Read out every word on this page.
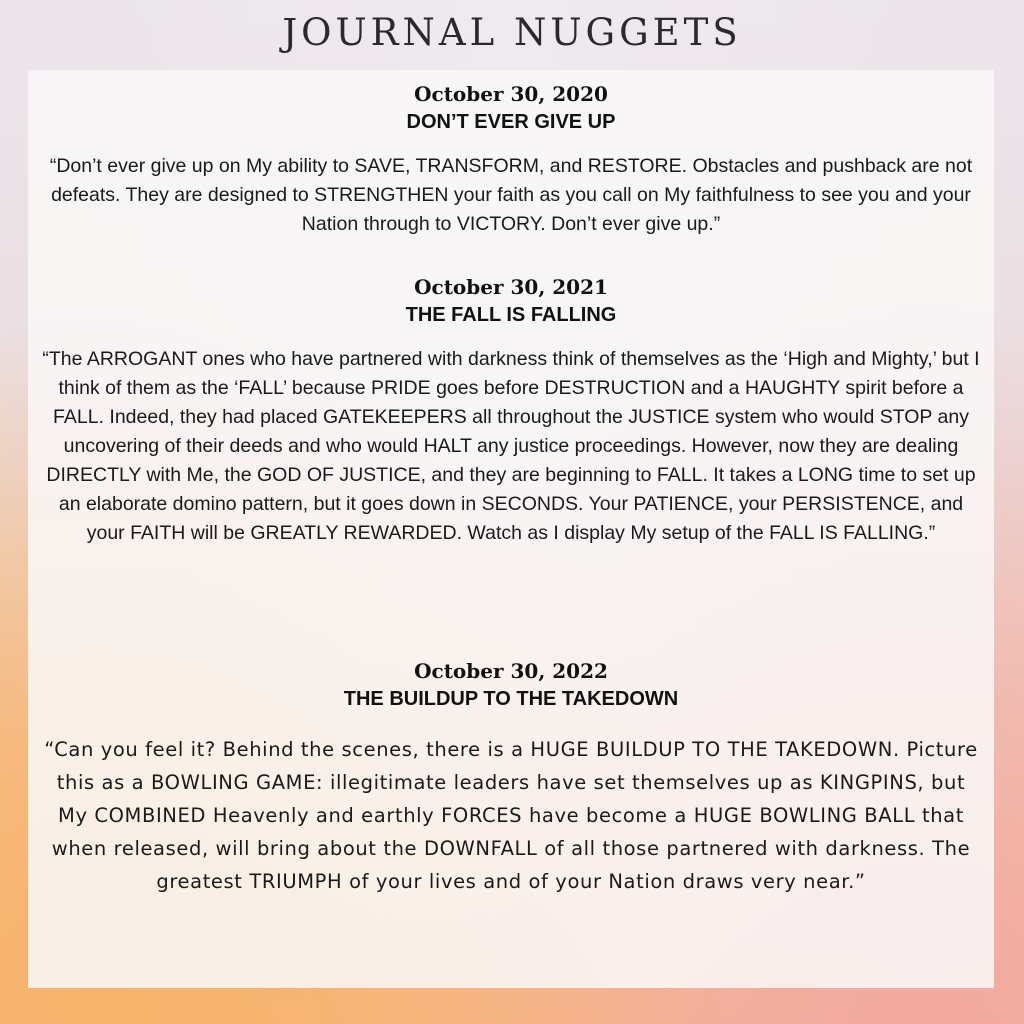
JOURNAL NUGGETS
October 30, 2020
DON’T EVER GIVE UP
“Don’t ever give up on My ability to SAVE, TRANSFORM, and RESTORE. Obstacles and pushback are not defeats. They are designed to STRENGTHEN your faith as you call on My faithfulness to see you and your Nation through to VICTORY. Don’t ever give up.”
October 30, 2021
THE FALL IS FALLING
“The ARROGANT ones who have partnered with darkness think of themselves as the ‘High and Mighty,’ but I think of them as the ‘FALL’ because PRIDE goes before DESTRUCTION and a HAUGHTY spirit before a FALL. Indeed, they had placed GATEKEEPERS all throughout the JUSTICE system who would STOP any uncovering of their deeds and who would HALT any justice proceedings. However, now they are dealing DIRECTLY with Me, the GOD OF JUSTICE, and they are beginning to FALL. It takes a LONG time to set up an elaborate domino pattern, but it goes down in SECONDS. Your PATIENCE, your PERSISTENCE, and your FAITH will be GREATLY REWARDED. Watch as I display My setup of the FALL IS FALLING.”
October 30, 2022
THE BUILDUP TO THE TAKEDOWN
“Can you feel it? Behind the scenes, there is a HUGE BUILDUP TO THE TAKEDOWN. Picture this as a BOWLING GAME: illegitimate leaders have set themselves up as KINGPINS, but My COMBINED Heavenly and earthly FORCES have become a HUGE BOWLING BALL that when released, will bring about the DOWNFALL of all those partnered with darkness. The greatest TRIUMPH of your lives and of your Nation draws very near.”
